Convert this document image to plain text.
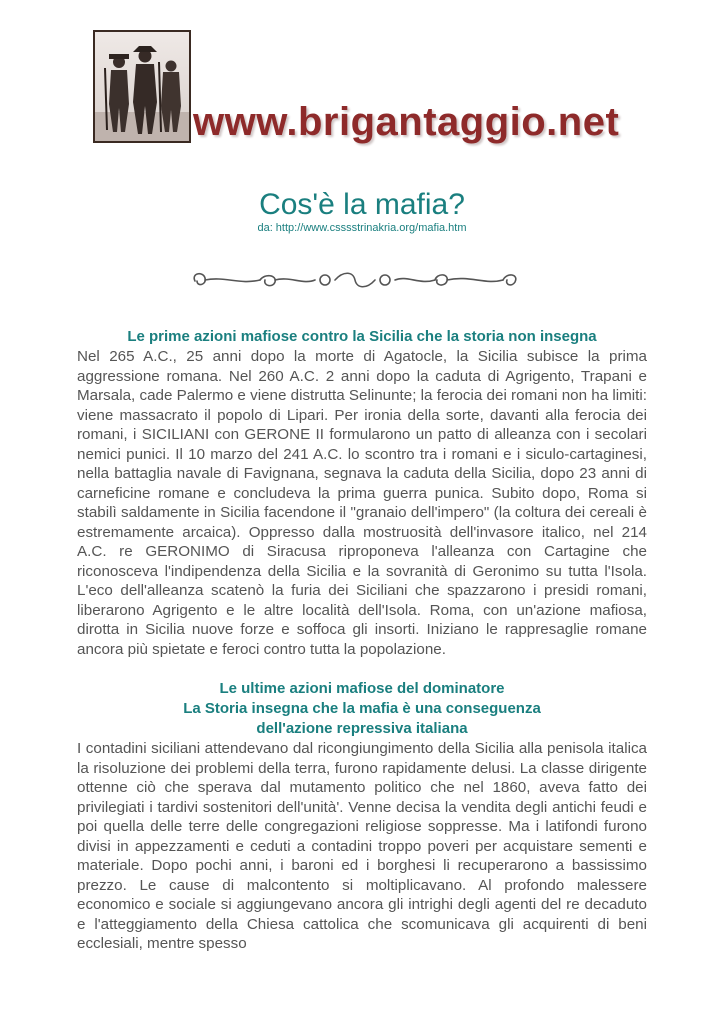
www.brigantaggio.net
Cos'è la mafia?
da: http://www.csssstrinakria.org/mafia.htm
Le prime azioni mafiose contro la Sicilia che la storia non insegna

Nel 265 A.C., 25 anni dopo la morte di Agatocle, la Sicilia subisce la prima aggressione romana. Nel 260 A.C. 2 anni dopo la caduta di Agrigento, Trapani e Marsala, cade Palermo e viene distrutta Selinunte; la ferocia dei romani non ha limiti: viene massacrato il popolo di Lipari. Per ironia della sorte, davanti alla ferocia dei romani, i SICILIANI con GERONE II formularono un patto di alleanza con i secolari nemici punici. Il 10 marzo del 241 A.C. lo scontro tra i romani e i siculo-cartaginesi, nella battaglia navale di Favignana, segnava la caduta della Sicilia, dopo 23 anni di carneficine romane e concludeva la prima guerra punica. Subito dopo, Roma si stabilì saldamente in Sicilia facendone il "granaio dell'impero" (la coltura dei cereali è estremamente arcaica). Oppresso dalla mostruosità dell'invasore italico, nel 214 A.C. re GERONIMO di Siracusa riproponeva l'alleanza con Cartagine che riconosceva l'indipendenza della Sicilia e la sovranità di Geronimo su tutta l'Isola. L'eco dell'alleanza scatenò la furia dei Siciliani che spazzarono i presidi romani, liberarono Agrigento e le altre località dell'Isola. Roma, con un'azione mafiosa, dirotta in Sicilia nuove forze e soffoca gli insorti. Iniziano le rappresaglie romane ancora più spietate e feroci contro tutta la popolazione.

Le ultime azioni mafiose del dominatore
La Storia insegna che la mafia è una conseguenza
dell'azione repressiva italiana

I contadini siciliani attendevano dal ricongiungimento della Sicilia alla penisola italica la risoluzione dei problemi della terra, furono rapidamente delusi. La classe dirigente ottenne ciò che sperava dal mutamento politico che nel 1860, aveva fatto dei privilegiati i tardivi sostenitori dell'unità'. Venne decisa la vendita degli antichi feudi e poi quella delle terre delle congregazioni religiose soppresse. Ma i latifondi furono divisi in appezzamenti e ceduti a contadini troppo poveri per acquistare sementi e materiale. Dopo pochi anni, i baroni ed i borghesi li recuperarono a bassissimo prezzo. Le cause di malcontento si moltiplicavano. Al profondo malessere economico e sociale si aggiungevano ancora gli intrighi degli agenti del re decaduto e l'atteggiamento della Chiesa cattolica che scomunicava gli acquirenti di beni ecclesiali, mentre spesso
